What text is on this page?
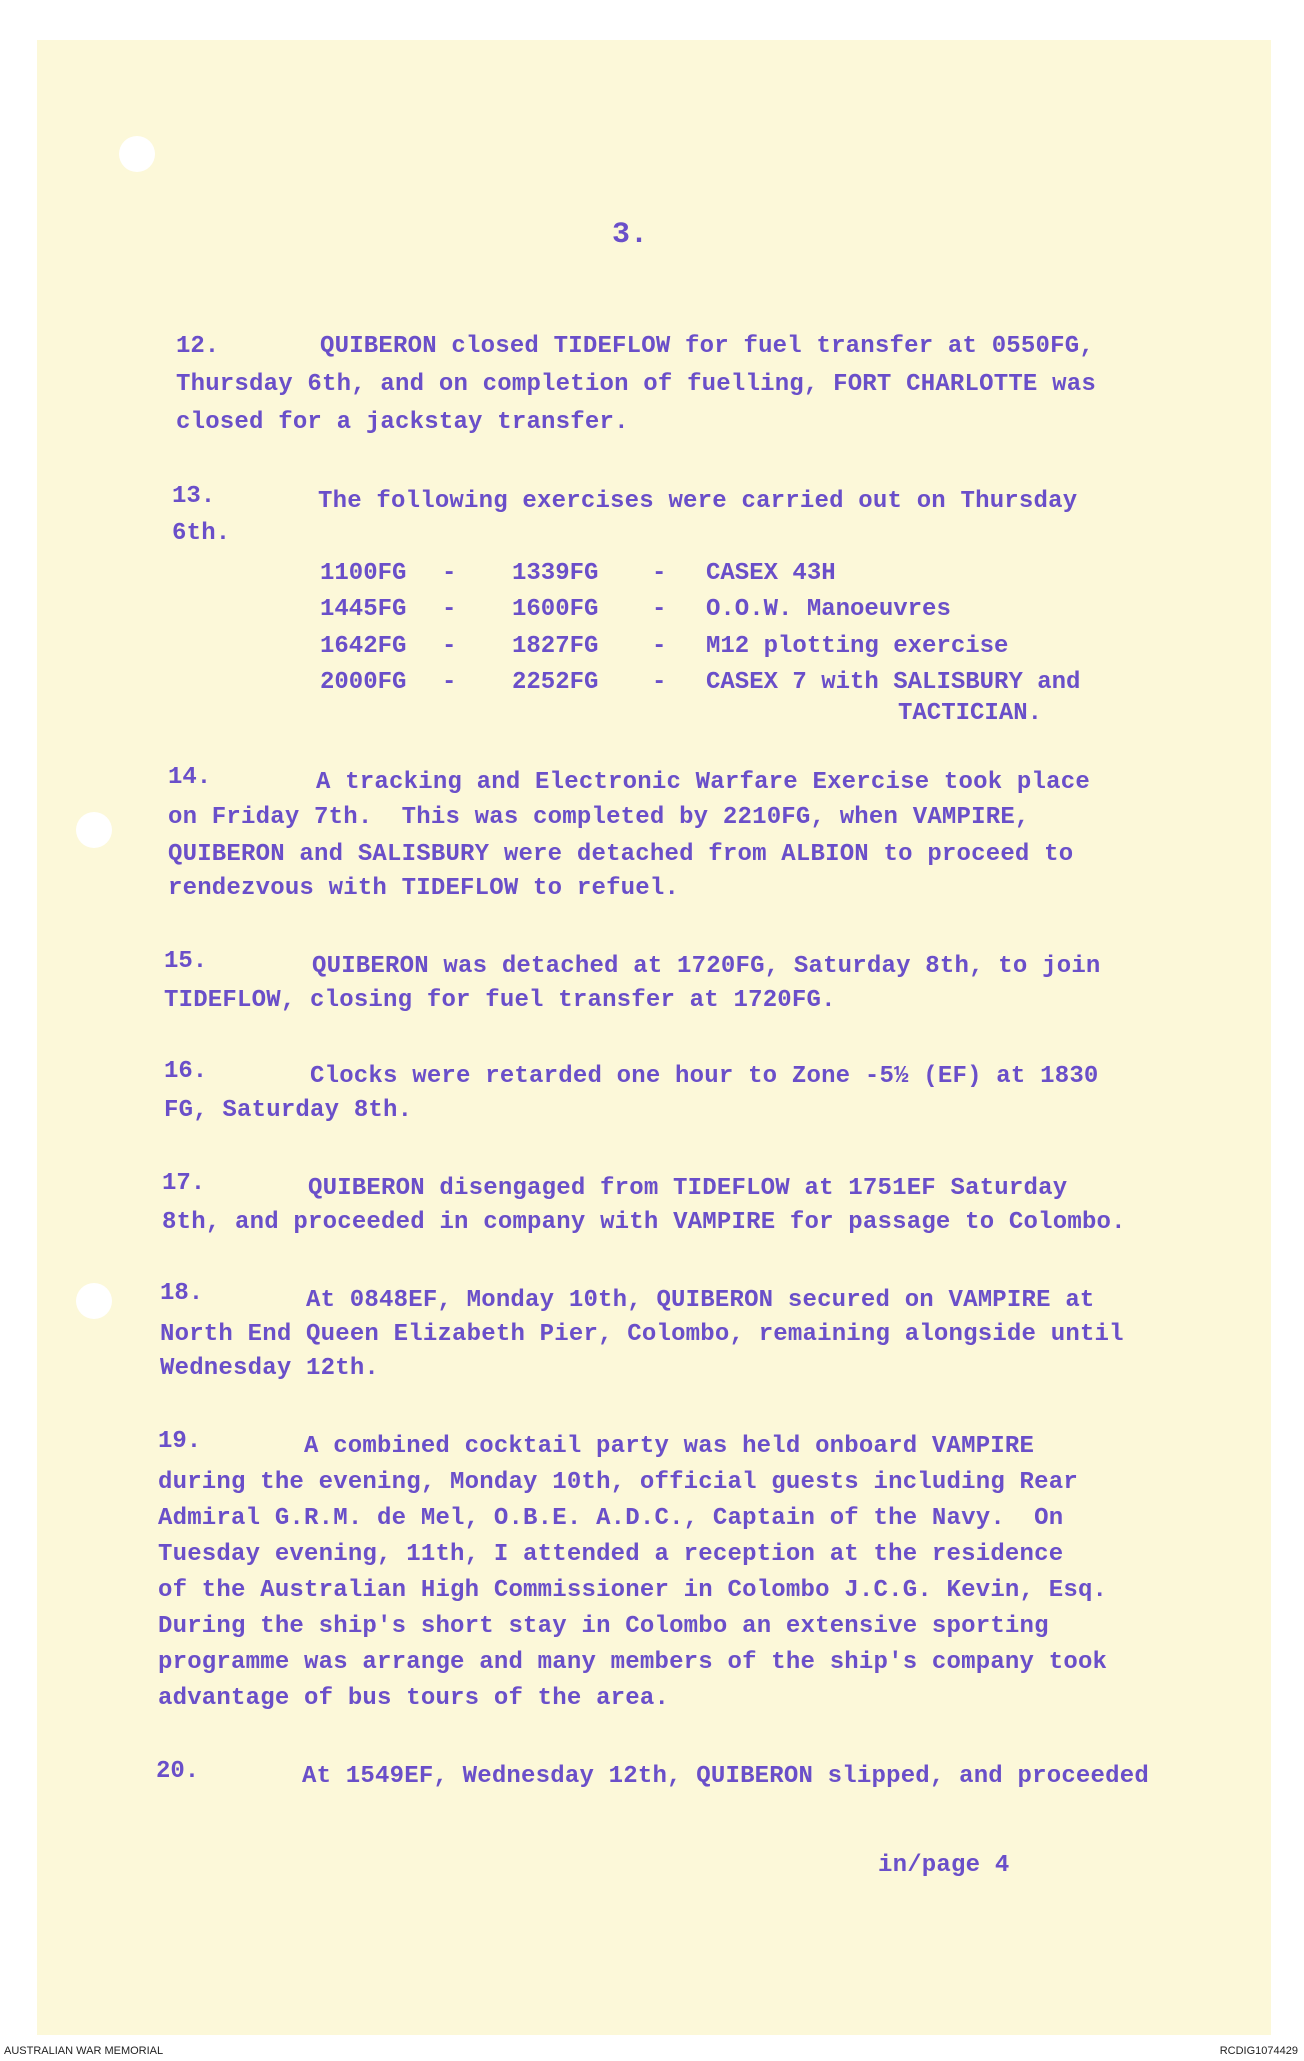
3.
12.	QUIBERON closed TIDEFLOW for fuel transfer at 0550FG,
Thursday 6th, and on completion of fuelling, FORT CHARLOTTE was
closed for a jackstay transfer.
13.	The following exercises were carried out on Thursday
6th.
1100FG - 1339FG - CASEX 43H
1445FG - 1600FG - O.O.W. Manoeuvres
1642FG - 1827FG - M12 plotting exercise
2000FG - 2252FG - CASEX 7 with SALISBURY and
TACTICIAN.
14.	A tracking and Electronic Warfare Exercise took place
on Friday 7th.  This was completed by 2210FG, when VAMPIRE,
QUIBERON and SALISBURY were detached from ALBION to proceed to
rendezvous with TIDEFLOW to refuel.
15.	QUIBERON was detached at 1720FG, Saturday 8th, to join
TIDEFLOW, closing for fuel transfer at 1720FG.
16.	Clocks were retarded one hour to Zone -5½ (EF) at 1830
FG, Saturday 8th.
17.	QUIBERON disengaged from TIDEFLOW at 1751EF Saturday
8th, and proceeded in company with VAMPIRE for passage to Colombo.
18.	At 0848EF, Monday 10th, QUIBERON secured on VAMPIRE at
North End Queen Elizabeth Pier, Colombo, remaining alongside until
Wednesday 12th.
19.	A combined cocktail party was held onboard VAMPIRE
during the evening, Monday 10th, official guests including Rear
Admiral G.R.M. de Mel, O.B.E. A.D.C., Captain of the Navy.  On
Tuesday evening, 11th, I attended a reception at the residence
of the Australian High Commissioner in Colombo J.C.G. Kevin, Esq.
During the ship's short stay in Colombo an extensive sporting
programme was arrange and many members of the ship's company took
advantage of bus tours of the area.
20.	At 1549EF, Wednesday 12th, QUIBERON slipped, and proceeded
in/page 4
AUSTRALIAN WAR MEMORIAL	RCDIG1074429
